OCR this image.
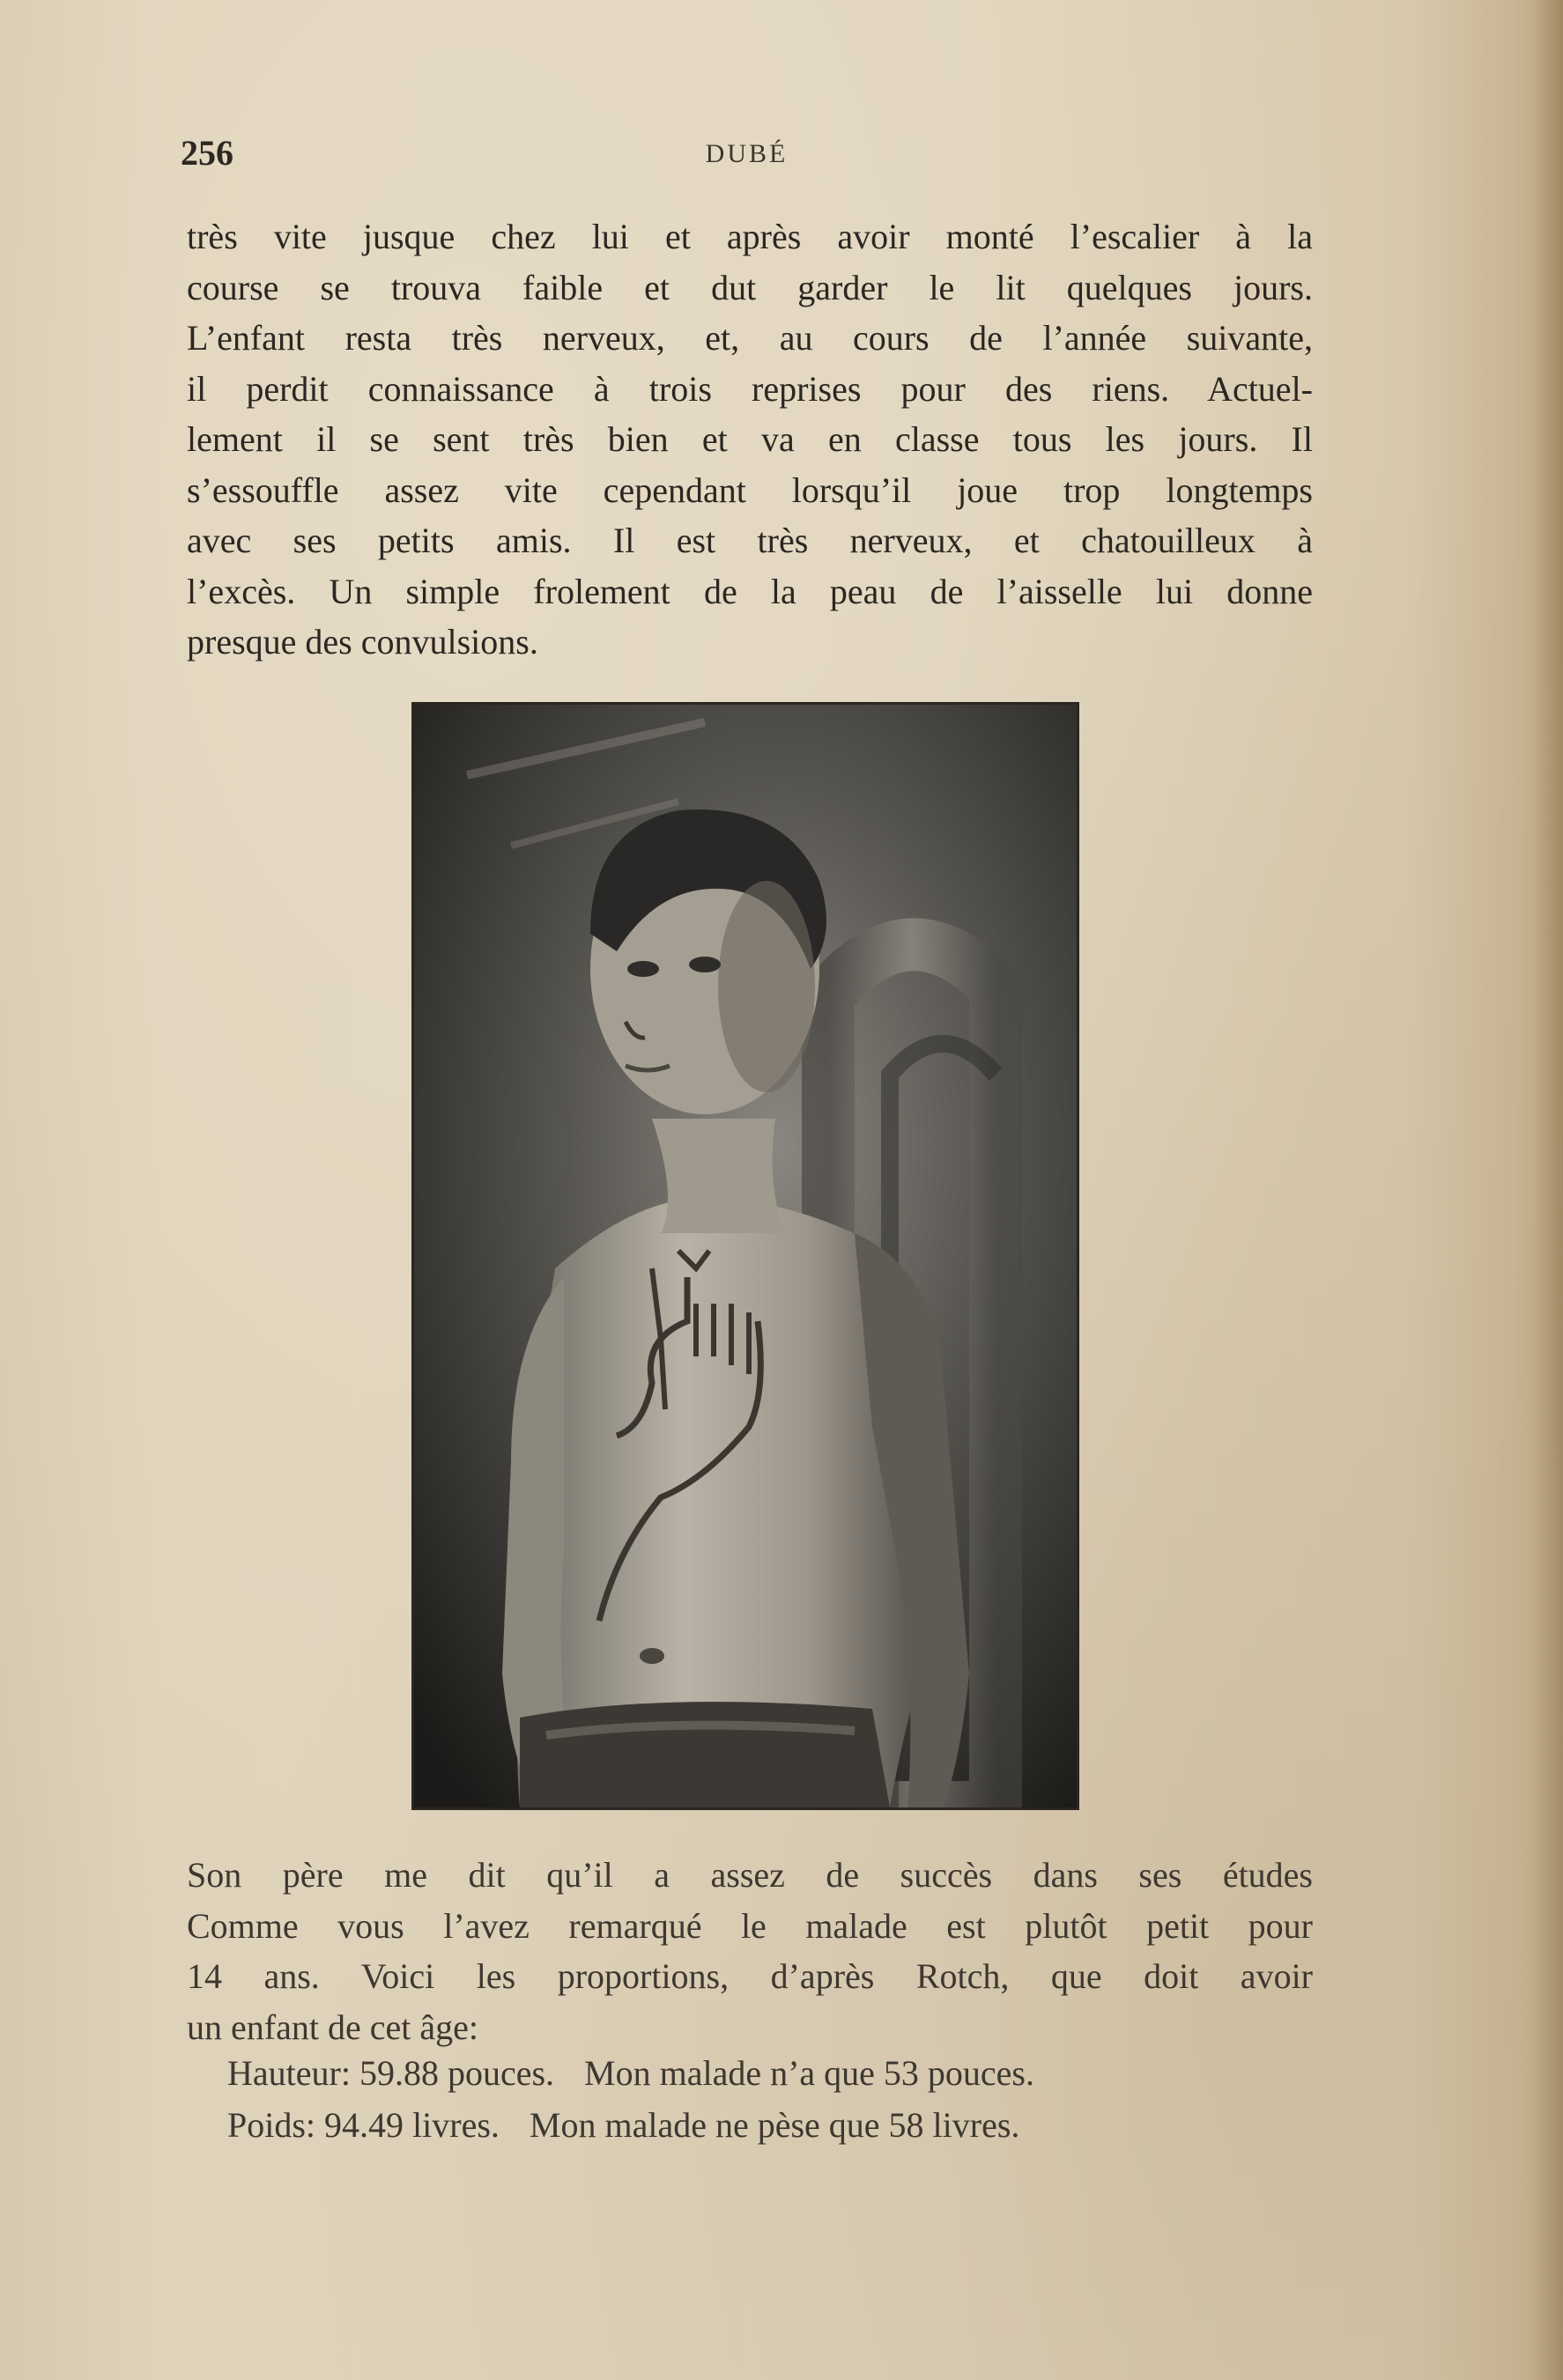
256	DUBÉ
très vite jusque chez lui et après avoir monté l’escalier à la
course se trouva faible et dut garder le lit quelques jours.
L’enfant resta très nerveux, et, au cours de l’année suivante,
il perdit connaissance à trois reprises pour des riens. Actuel-
lement il se sent très bien et va en classe tous les jours. Il
s’essouffle assez vite cependant lorsqu’il joue trop longtemps
avec ses petits amis. Il est très nerveux, et chatouilleux à
l’excès. Un simple frolement de la peau de l’aisselle lui donne
presque des convulsions.
Son père me dit qu’il a assez de succès dans ses études
Comme vous l’avez remarqué le malade est plutôt petit pour
14 ans. Voici les proportions, d’après Rotch, que doit avoir
un enfant de cet âge:
Hauteur: 59.88 pouces. Mon malade n’a que 53 pouces.
Poids: 94.49 livres. Mon malade ne pèse que 58 livres.
